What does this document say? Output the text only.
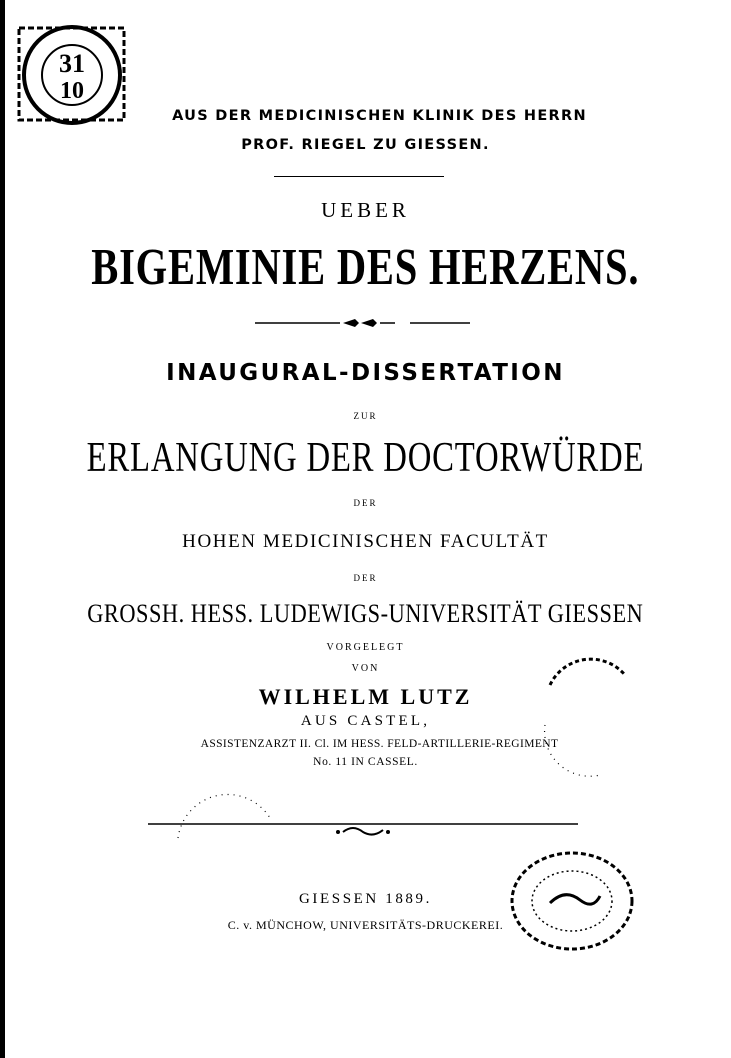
31
10
AUS DER MEDICINISCHEN KLINIK DES HERRN
PROF. RIEGEL ZU GIESSEN.
UEBER
BIGEMINIE DES HERZENS.
INAUGURAL-DISSERTATION
ZUR
ERLANGUNG DER DOCTORWÜRDE
DER
HOHEN MEDICINISCHEN FACULTÄT
DER
GROSSH. HESS. LUDEWIGS-UNIVERSITÄT GIESSEN
VORGELEGT
VON
WILHELM LUTZ
AUS CASTEL,
ASSISTENZARZT II. Cl. IM HESS. FELD-ARTILLERIE-REGIMENT
No. 11 IN CASSEL.
GIESSEN 1889.
C. v. MÜNCHOW, UNIVERSITÄTS-DRUCKEREI.
